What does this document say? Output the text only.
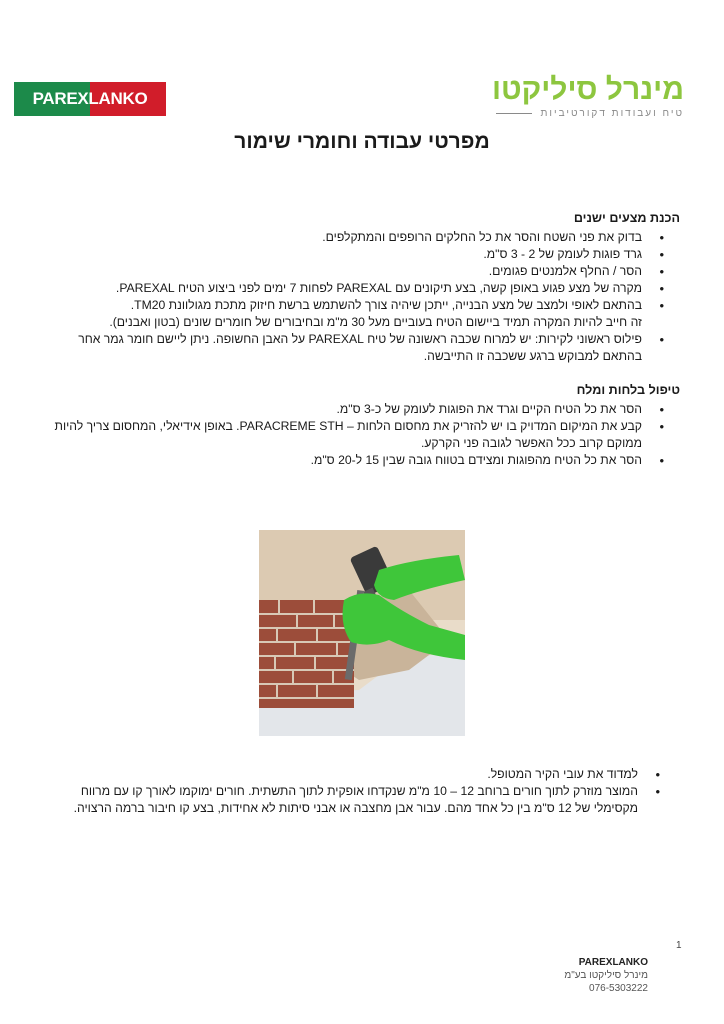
PAREXLANKO	מינרל סיליקטו
טיח ועבודות דקורטיביות
מפרטי עבודה וחומרי שימור
הכנת מצעים ישנים
• בדוק את פני השטח והסר את כל החלקים הרופפים והמתקלפים.
• גרד פוגות לעומק של 2 - 3 ס"מ.
• הסר / החלף אלמנטים פגומים.
• מקרה של מצע פגוע באופן קשה, בצע תיקונים עם PAREXAL לפחות 7 ימים לפני ביצוע הטיח PAREXAL.
• בהתאם לאופי ולמצב של מצע הבנייה, ייתכן שיהיה צורך להשתמש ברשת חיזוק מתכת מגולוונת TM20.
זה חייב להיות המקרה תמיד ביישום הטיח בעוביים מעל 30 מ"מ ובחיבורים של חומרים שונים (בטון ואבנים).
• פילוס ראשוני לקירות: יש למרוח שכבה ראשונה של טיח PAREXAL על האבן החשופה. ניתן ליישם חומר גמר אחר בהתאם למבוקש ברגע ששכבה זו התייבשה.
טיפול בלחות ומלח
• הסר את כל הטיח הקיים וגרד את הפוגות לעומק של כ-3 ס"מ.
• קבע את המיקום המדויק בו יש להזריק את מחסום הלחות – PARACREME STH. באופן אידיאלי, המחסום צריך להיות ממוקם קרוב ככל האפשר לגובה פני הקרקע.
• הסר את כל הטיח מהפוגות ומצידם בטווח גובה שבין 15 ל-20 ס"מ.
• למדוד את עובי הקיר המטופל.
• המוצר מוזרק לתוך חורים ברוחב 12 – 10 מ"מ שנקדחו אופקית לתוך התשתית. חורים ימוקמו לאורך קו עם מרווח מקסימלי של 12 ס"מ בין כל אחד מהם. עבור אבן מחצבה או אבני סיתות לא אחידות, בצע קו חיבור ברמה הרצויה.
1
PAREXLANKO
מינרל סיליקטו בע"מ
076-5303222
